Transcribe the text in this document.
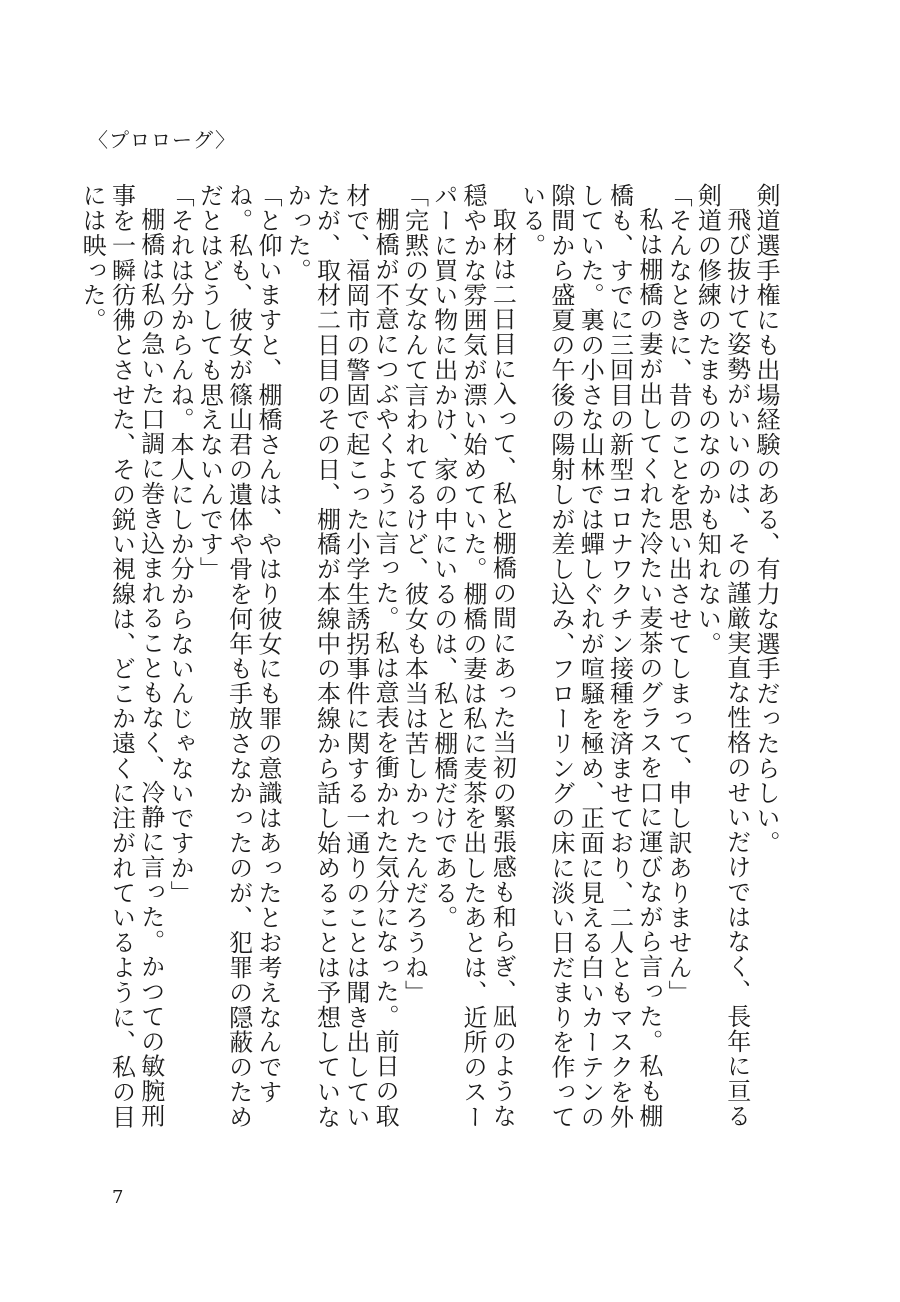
〈プロローグ〉

剣道選手権にも出場経験のある、有力な選手だったらしい。

飛び抜けて姿勢がいいのは、その謹厳実直な性格のせいだけではなく、長年に亘る剣道の修練のたまものなのかも知れない。

「そんなときに、昔のことを思い出させてしまって、申し訳ありません」

私は棚橋の妻が出してくれた冷たい麦茶のグラスを口に運びながら言った。私も棚橋も、すでに三回目の新型コロナワクチン接種を済ませており、二人ともマスクを外していた。裏の小さな山林では蟬しぐれが喧騒を極め、正面に見える白いカーテンの隙間から盛夏の午後の陽射しが差し込み、フローリングの床に淡い日だまりを作っている。

取材は二日目に入って、私と棚橋の間にあった当初の緊張感も和らぎ、凪のような穏やかな雰囲気が漂い始めていた。棚橋の妻は私に麦茶を出したあとは、近所のスーパーに買い物に出かけ、家の中にいるのは、私と棚橋だけである。

「完黙の女なんて言われてるけど、彼女も本当は苦しかったんだろうね」

棚橋が不意につぶやくように言った。私は意表を衝かれた気分になった。前日の取材で、福岡市の警固で起こった小学生誘拐事件に関する一通りのことは聞き出していたが、取材二日目のその日、棚橋が本線中の本線から話し始めることは予想していなかった。

「と仰いますと、棚橋さんは、やはり彼女にも罪の意識はあったとお考えなんですね。私も、彼女が篠山君の遺体や骨を何年も手放さなかったのが、犯罪の隠蔽のためだとはどうしても思えないんです」

「それは分からんね。本人にしか分からないんじゃないですか」

棚橋は私の急いた口調に巻き込まれることもなく、冷静に言った。かつての敏腕刑事を一瞬彷彿とさせた、その鋭い視線は、どこか遠くに注がれているように、私の目には映った。

7
